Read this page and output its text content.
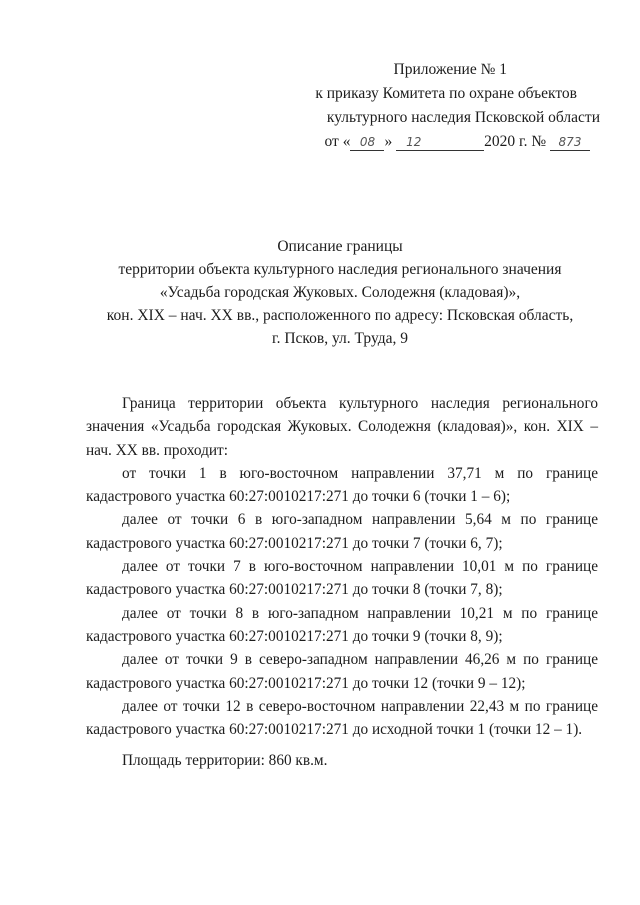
Приложение № 1
к приказу Комитета по охране объектов
культурного наследия Псковской области
от « 08 » 12	2020 г. № 873
Описание границы
территории объекта культурного наследия регионального значения
«Усадьба городская Жуковых. Солодежня (кладовая)»,
кон. XIX – нач. XX вв., расположенного по адресу: Псковская область,
г. Псков, ул. Труда, 9

Граница территории объекта культурного наследия регионального значения «Усадьба городская Жуковых. Солодежня (кладовая)», кон. XIX – нач. XX вв. проходит:

от точки 1 в юго-восточном направлении 37,71 м по границе кадастрового участка 60:27:0010217:271 до точки 6 (точки 1 – 6);

далее от точки 6 в юго-западном направлении 5,64 м по границе кадастрового участка 60:27:0010217:271 до точки 7 (точки 6, 7);

далее от точки 7 в юго-восточном направлении 10,01 м по границе кадастрового участка 60:27:0010217:271 до точки 8 (точки 7, 8);

далее от точки 8 в юго-западном направлении 10,21 м по границе кадастрового участка 60:27:0010217:271 до точки 9 (точки 8, 9);

далее от точки 9 в северо-западном направлении 46,26 м по границе кадастрового участка 60:27:0010217:271 до точки 12 (точки 9 – 12);

далее от точки 12 в северо-восточном направлении 22,43 м по границе кадастрового участка 60:27:0010217:271 до исходной точки 1 (точки 12 – 1).

Площадь территории: 860 кв.м.
